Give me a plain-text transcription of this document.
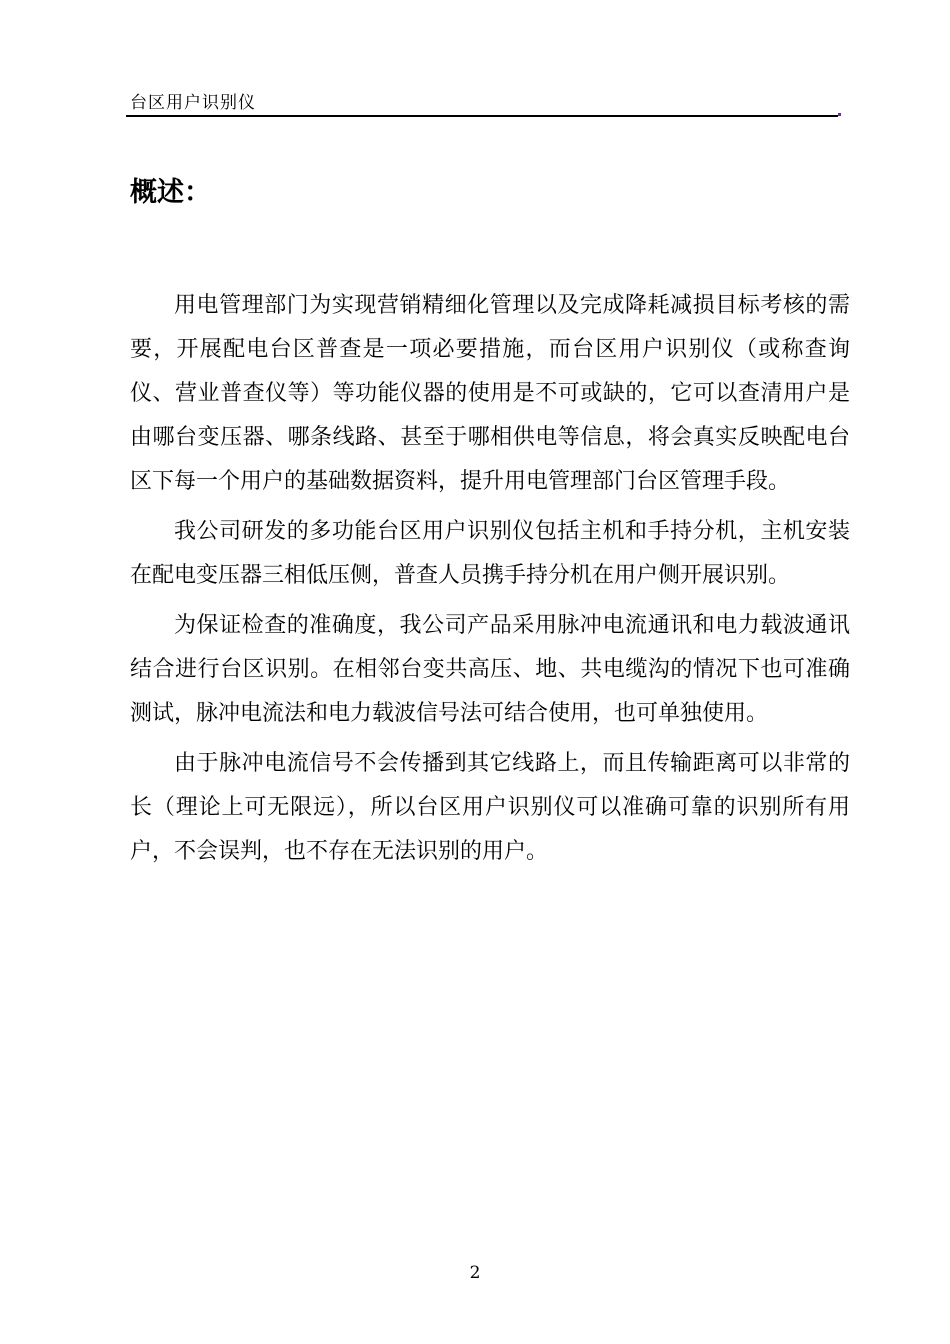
台区用户识别仪
概述：

用电管理部门为实现营销精细化管理以及完成降耗减损目标考核的需要，开展配电台区普查是一项必要措施，而台区用户识别仪（或称查询仪、营业普查仪等）等功能仪器的使用是不可或缺的，它可以查清用户是由哪台变压器、哪条线路、甚至于哪相供电等信息，将会真实反映配电台区下每一个用户的基础数据资料，提升用电管理部门台区管理手段。

我公司研发的多功能台区用户识别仪包括主机和手持分机，主机安装在配电变压器三相低压侧，普查人员携手持分机在用户侧开展识别。

为保证检查的准确度，我公司产品采用脉冲电流通讯和电力载波通讯结合进行台区识别。在相邻台变共高压、地、共电缆沟的情况下也可准确测试，脉冲电流法和电力载波信号法可结合使用，也可单独使用。

由于脉冲电流信号不会传播到其它线路上，而且传输距离可以非常的长（理论上可无限远），所以台区用户识别仪可以准确可靠的识别所有用户，不会误判，也不存在无法识别的用户。

2
